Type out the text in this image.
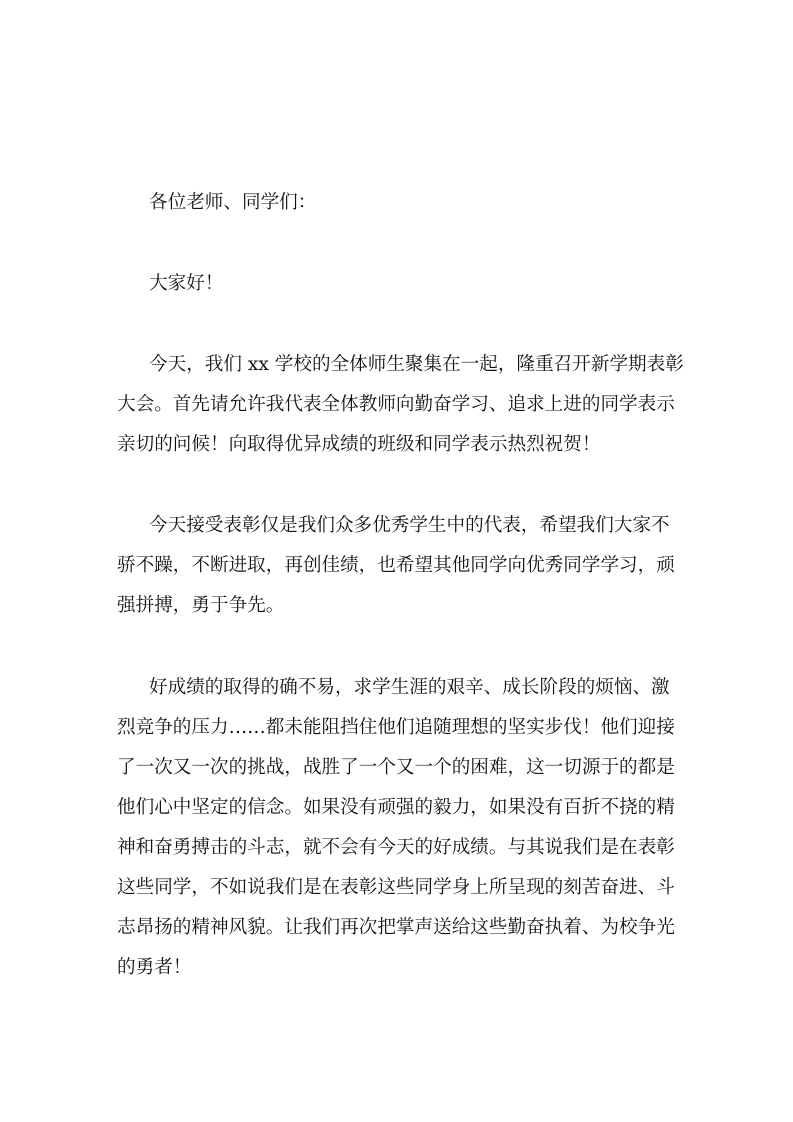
各位老师、同学们：
大家好！
今天，我们 xx 学校的全体师生聚集在一起，隆重召开新学期表彰
大会。首先请允许我代表全体教师向勤奋学习、追求上进的同学表示
亲切的问候！向取得优异成绩的班级和同学表示热烈祝贺！
今天接受表彰仅是我们众多优秀学生中的代表，希望我们大家不
骄不躁，不断进取，再创佳绩，也希望其他同学向优秀同学学习，顽
强拼搏，勇于争先。
好成绩的取得的确不易，求学生涯的艰辛、成长阶段的烦恼、激
烈竞争的压力……都未能阻挡住他们追随理想的坚实步伐！他们迎接
了一次又一次的挑战，战胜了一个又一个的困难，这一切源于的都是
他们心中坚定的信念。如果没有顽强的毅力，如果没有百折不挠的精
神和奋勇搏击的斗志，就不会有今天的好成绩。与其说我们是在表彰
这些同学，不如说我们是在表彰这些同学身上所呈现的刻苦奋进、斗
志昂扬的精神风貌。让我们再次把掌声送给这些勤奋执着、为校争光
的勇者！
